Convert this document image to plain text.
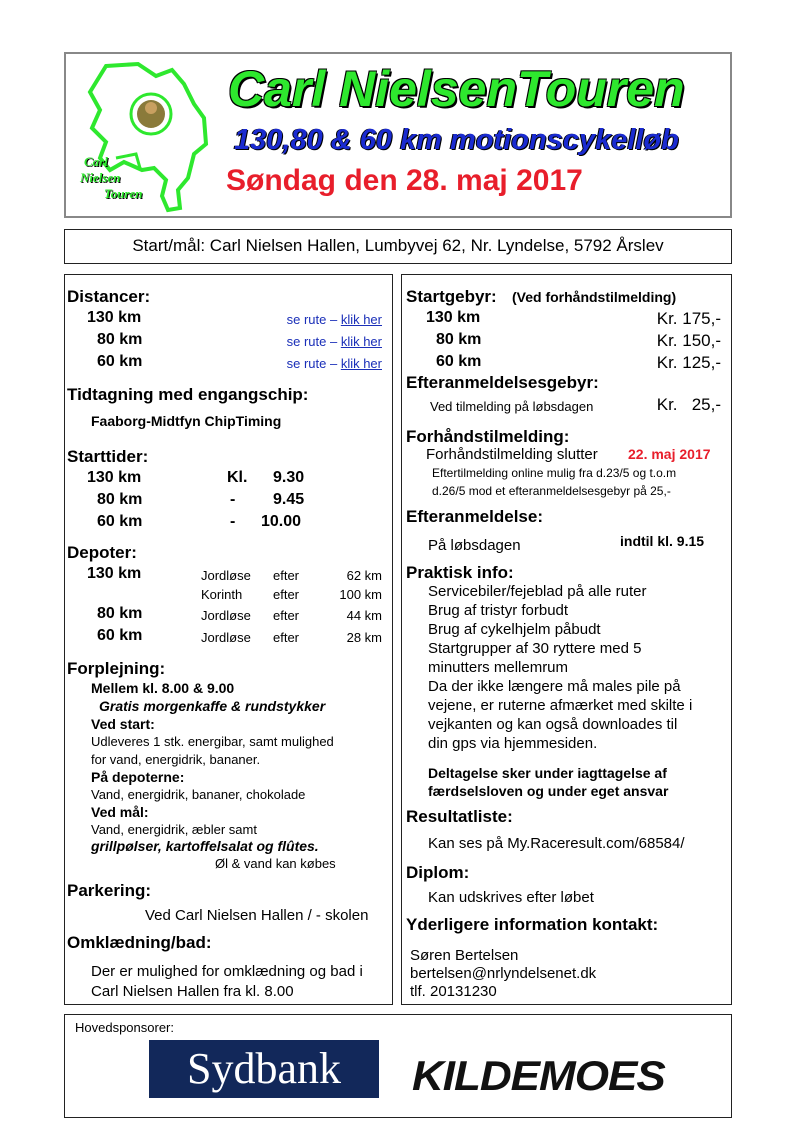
Carl
Nielsen
Touren
Carl NielsenTouren
130,80 & 60 km motionscykelløb
Søndag den 28. maj 2017
Start/mål: Carl Nielsen Hallen, Lumbyvej 62, Nr. Lyndelse, 5792 Årslev
Distancer:
130 km	se rute – klik her
80 km	se rute – klik her
60 km	se rute – klik her
Tidtagning med engangschip:
Faaborg-Midtfyn ChipTiming
Starttider:
130 km	Kl. 9.30
80 km	- 9.45
60 km	- 10.00
Depoter:
130 km	Jordløse efter	62 km
Korinth efter	100 km
80 km	Jordløse efter	44 km
60 km	Jordløse efter	28 km
Forplejning:
Mellem kl. 8.00 & 9.00
Gratis morgenkaffe & rundstykker
Ved start:
Udleveres 1 stk. energibar, samt mulighed
for vand, energidrik, bananer.
På depoterne:
Vand, energidrik, bananer, chokolade
Ved mål:
Vand, energidrik, æbler samt
grillpølser, kartoffelsalat og flûtes.
Øl & vand kan købes
Parkering:
Ved Carl Nielsen Hallen / - skolen
Omklædning/bad:
Der er mulighed for omklædning og bad i
Carl Nielsen Hallen fra kl. 8.00
Startgebyr: (Ved forhåndstilmelding)
130 km	Kr. 175,-
80 km	Kr. 150,-
60 km	Kr. 125,-
Efteranmeldelsesgebyr:
Ved tilmelding på løbsdagen	Kr.   25,-
Forhåndstilmelding:
Forhåndstilmelding slutter 22. maj 2017
Eftertilmelding online mulig fra d.23/5 og t.o.m
d.26/5 mod et efteranmeldelsesgebyr på 25,-
Efteranmeldelse:
På løbsdagen	indtil kl. 9.15
Praktisk info:
Servicebiler/fejeblad på alle ruter
Brug af tristyr forbudt
Brug af cykelhjelm påbudt
Startgrupper af 30 ryttere med 5
minutters mellemrum
Da der ikke længere må males pile på
vejene, er ruterne afmærket med skilte i
vejkanten og kan også downloades til
din gps via hjemmesiden.
Deltagelse sker under iagttagelse af
færdselsloven og under eget ansvar
Resultatliste:
Kan ses på My.Raceresult.com/68584/
Diplom:
Kan udskrives efter løbet
Yderligere information kontakt:
Søren Bertelsen
bertelsen@nrlyndelsenet.dk
tlf. 20131230
Hovedsponsorer:
Sydbank	KILDEMOES
